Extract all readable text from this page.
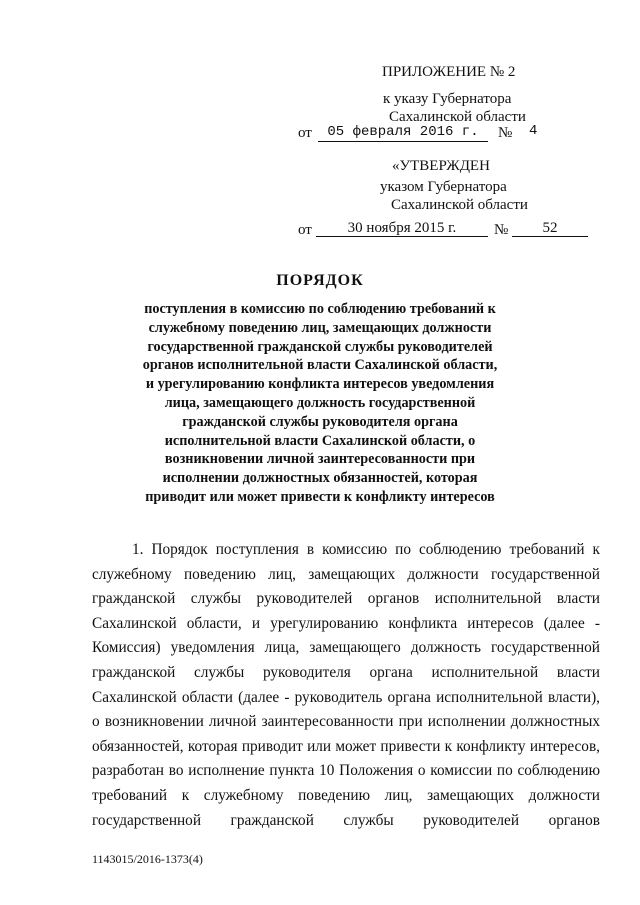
ПРИЛОЖЕНИЕ № 2
к указу Губернатора
Сахалинской области
от	05 февраля 2016 г.	№ 4
«УТВЕРЖДЕН
указом Губернатора
Сахалинской области
от	30 ноября 2015 г.	№	52
ПОРЯДОК
поступления в комиссию по соблюдению требований к
служебному поведению лиц, замещающих должности
государственной гражданской службы руководителей
органов исполнительной власти Сахалинской области,
и урегулированию конфликта интересов уведомления
лица, замещающего должность государственной
гражданской службы руководителя органа
исполнительной власти Сахалинской области, о
возникновении личной заинтересованности при
исполнении должностных обязанностей, которая
приводит или может привести к конфликту интересов
1. Порядок поступления в комиссию по соблюдению требований к
служебному поведению лиц, замещающих должности государственной
гражданской службы руководителей органов исполнительной власти
Сахалинской области, и урегулированию конфликта интересов (далее -
Комиссия) уведомления лица, замещающего должность государственной
гражданской службы руководителя органа исполнительной власти
Сахалинской области (далее - руководитель органа исполнительной власти),
о возникновении личной заинтересованности при исполнении должностных
обязанностей, которая приводит или может привести к конфликту интересов,
разработан во исполнение пункта 10 Положения о комиссии по соблюдению
требований к служебному поведению лиц, замещающих должности
государственной гражданской службы руководителей органов
1143015/2016-1373(4)
